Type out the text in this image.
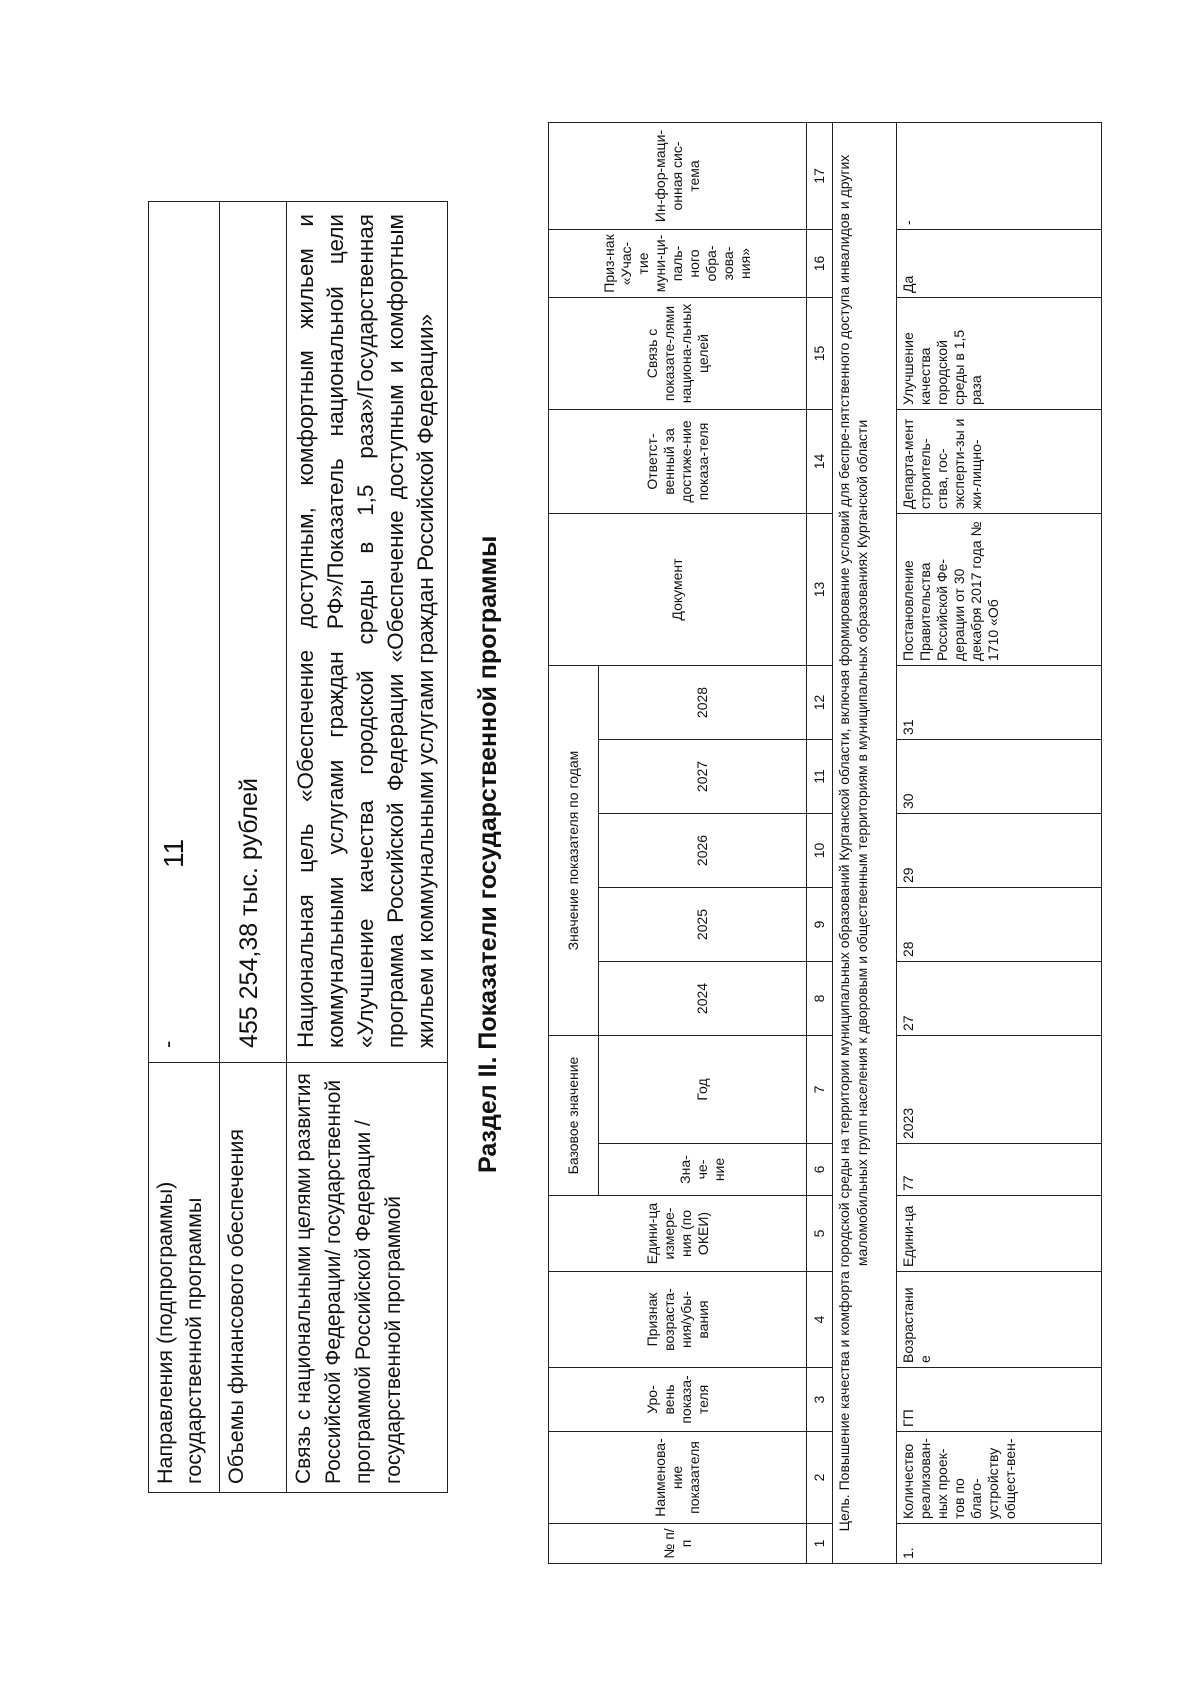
11
Направления (подпрограммы) государственной программы
-
Объемы финансового обеспечения
455 254,38 тыс. рублей
Связь с национальными целями развития Российской Федерации/ государственной программой Российской Федерации /государственной программой
Национальная цель «Обеспечение доступным, комфортным жильем и коммунальными услугами граждан РФ»/Показатель национальной цели «Улучшение качества городской среды в 1,5 раза»/Государственная программа Российской Федерации «Обеспечение доступным и комфортным жильем и коммунальными услугами граждан Российской Федерации»	Раздел II. Показатели государственной программы
№ п/п
Наименова-ние показателя
Уро-вень показа-теля
Признак возраста-ния/убы-вания
Едини-ца измере-ния (по ОКЕИ)
Базовое значение	Зна-че-ние
Год
Значение показателя по годам
2024
2025
2026
2027
2028
Документ
Ответст-венный за достиже-ние показа-теля
Связь с показате-лями национа-льных целей
Приз-нак «Учас-тие муни-ци-паль-ного обра-зова-ния»
Ин-фор-маци-онная сис-тема
1
2
3
4
5
6
7
8
9
10
11
12
13
14
15
16
17 Цель. Повышение качества и комфорта городской среды на территории муниципальных образований Курганской области, включая формирование условий для беспре-пятственного доступа инвалидов и других маломобильных групп населения к дворовым и общественным территориям в муниципальных образованиях Курганской области
1.
Количество реализован-ных проек-тов по благо-устройству общест-вен-
ГП
Возрастани е
Едини-ца
77
2023
27
28
29
30
31
Постановление Правительства Российской Фе-дерации от 30 декабря 2017 года № 1710 «Об
Департа-мент строитель-ства, гос-эксперти-зы и жи-лищно-
Улучшение качества городской среды в 1,5 раза
Да
-
